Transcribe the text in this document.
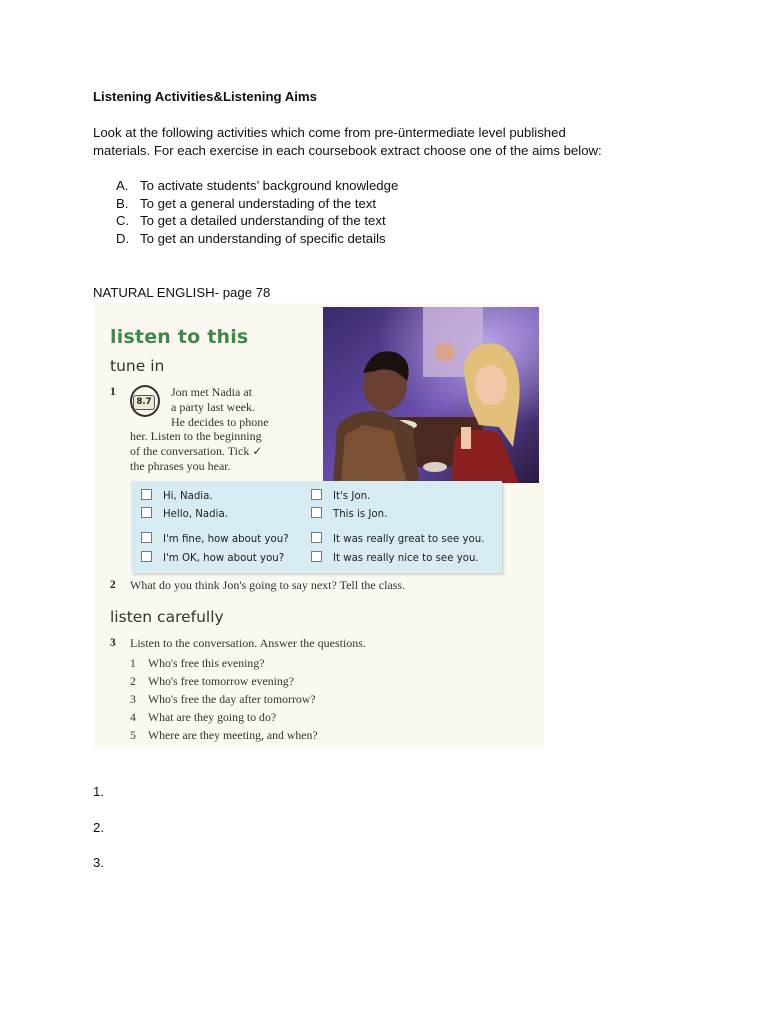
Listening Activities&Listening Aims
Look at the following activities which come from pre-üntermediate level published
materials. For each exercise in each coursebook extract choose one of the aims below:
A. To activate students’ background knowledge
B. To get a general understading of the text
C. To get a detailed understanding of the text
D. To get an understanding of specific details
NATURAL ENGLISH- page 78
listen to this
tune in
1
8.7
Jon met Nadia at
a party last week.
He decides to phone
her. Listen to the beginning
of the conversation. Tick ✓
the phrases you hear.
Hi, Nadia.
Hello, Nadia.
I'm fine, how about you?
I'm OK, how about you?
It's Jon.
This is Jon.
It was really great to see you.
It was really nice to see you.
2 What do you think Jon's going to say next? Tell the class.
listen carefully
3 Listen to the conversation. Answer the questions.
1 Who's free this evening?
2 Who's free tomorrow evening?
3 Who's free the day after tomorrow?
4 What are they going to do?
5 Where are they meeting, and when?
1.
2.
3.
